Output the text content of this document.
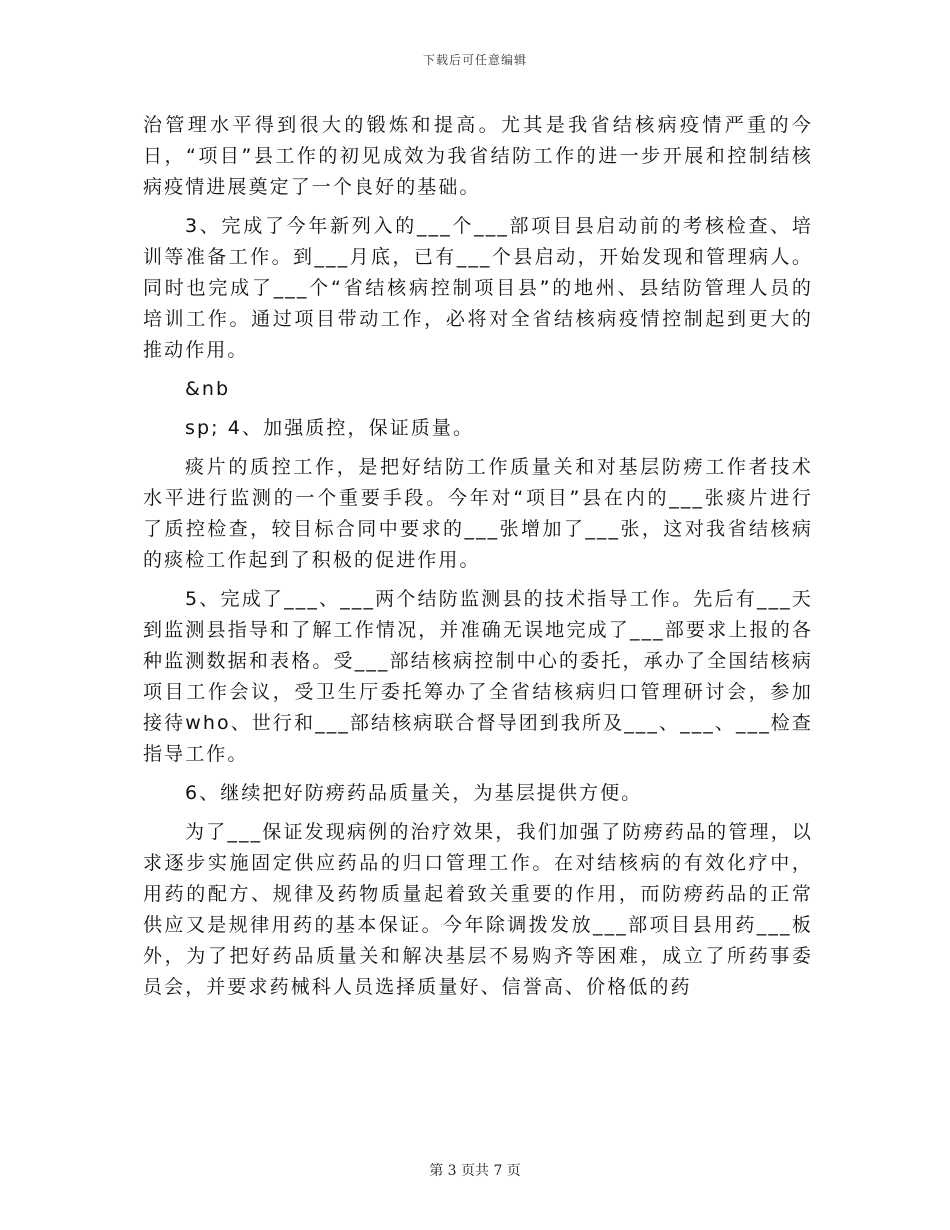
下载后可任意编辑

治管理水平得到很大的锻炼和提高。尤其是我省结核病疫情严重的今日，“项目”县工作的初见成效为我省结防工作的进一步开展和控制结核病疫情进展奠定了一个良好的基础。

3、完成了今年新列入的___个___部项目县启动前的考核检查、培训等准备工作。到___月底，已有___个县启动，开始发现和管理病人。同时也完成了___个“省结核病控制项目县”的地州、县结防管理人员的培训工作。通过项目带动工作，必将对全省结核病疫情控制起到更大的推动作用。

&nb

sp; 4、加强质控，保证质量。

痰片的质控工作，是把好结防工作质量关和对基层防痨工作者技术水平进行监测的一个重要手段。今年对“项目”县在内的___张痰片进行了质控检查，较目标合同中要求的___张增加了___张，这对我省结核病的痰检工作起到了积极的促进作用。

5、完成了___、___两个结防监测县的技术指导工作。先后有___天到监测县指导和了解工作情况，并准确无误地完成了___部要求上报的各种监测数据和表格。受___部结核病控制中心的委托，承办了全国结核病项目工作会议，受卫生厅委托筹办了全省结核病归口管理研讨会，参加接待who、世行和___部结核病联合督导团到我所及___、___、___检查指导工作。

6、继续把好防痨药品质量关，为基层提供方便。

为了___保证发现病例的治疗效果，我们加强了防痨药品的管理，以求逐步实施固定供应药品的归口管理工作。在对结核病的有效化疗中，用药的配方、规律及药物质量起着致关重要的作用，而防痨药品的正常供应又是规律用药的基本保证。今年除调拨发放___部项目县用药___板外，为了把好药品质量关和解决基层不易购齐等困难，成立了所药事委员会，并要求药械科人员选择质量好、信誉高、价格低的药

第 3 页共 7 页
